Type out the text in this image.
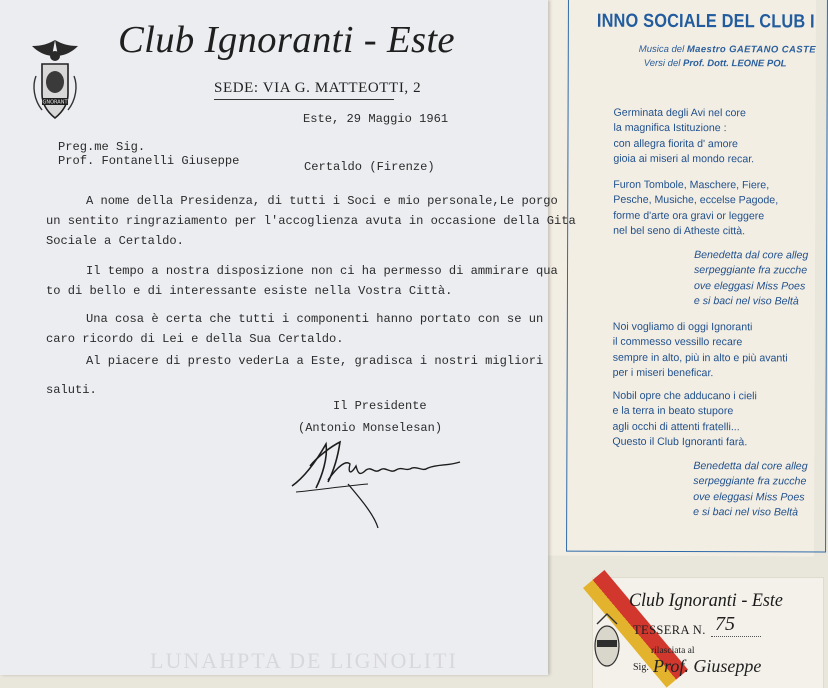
INNO SOCIALE DEL CLUB I
Musica del Maestro GAETANO CASTE
Versi del Prof. Dott. LEONE POL
Germinata degli Avi nel core
la magnifica Istituzione :
con allegra fiorita d' amore
gioia ai miseri al mondo recar.
Furon Tombole, Maschere, Fiere,
Pesche, Musiche, eccelse Pagode,
forme d'arte ora gravi or leggere
nel bel seno di Atheste città.
Benedetta dal core alleg
serpeggiante fra zucche
ove eleggasi Miss Poes
e si baci nel viso Beltà
Noi vogliamo di oggi Ignoranti
il commesso vessillo recare
sempre in alto, più in alto e più avanti
per i miseri beneficar.
Nobil opre che adducano i cieli
e la terra in beato stupore
agli occhi di attenti fratelli...
Questo il Club Ignoranti farà.
Benedetta dal core alleg
serpeggiante fra zucche
ove eleggasi Miss Poes
e si baci nel viso Beltà
Club Ignoranti - Este
TESSERA N. 75
rilasciata al
Sig. Prof. Giuseppe
IGNORANTI
Club Ignoranti - Este
SEDE: VIA G. MATTEOTTI, 2
Este, 29 Maggio 1961
Preg.me Sig.
Prof. Fontanelli Giuseppe	Certaldo (Firenze)
A nome della Presidenza, di tutti i Soci e mio personale,Le porgo
un sentito ringraziamento per l'accoglienza avuta in occasione della Gita
Sociale a Certaldo.
Il tempo a nostra disposizione non ci ha permesso di ammirare qua
to di bello e di interessante esiste nella Vostra Città.
Una cosa è certa che tutti i componenti hanno portato con se un
caro ricordo di Lei e della Sua Certaldo.
Al piacere di presto vederLa a Este, gradisca i nostri migliori
saluti.
Il Presidente
(Antonio Monselesan)
LUNAHPTA DE LIGNOLITI
